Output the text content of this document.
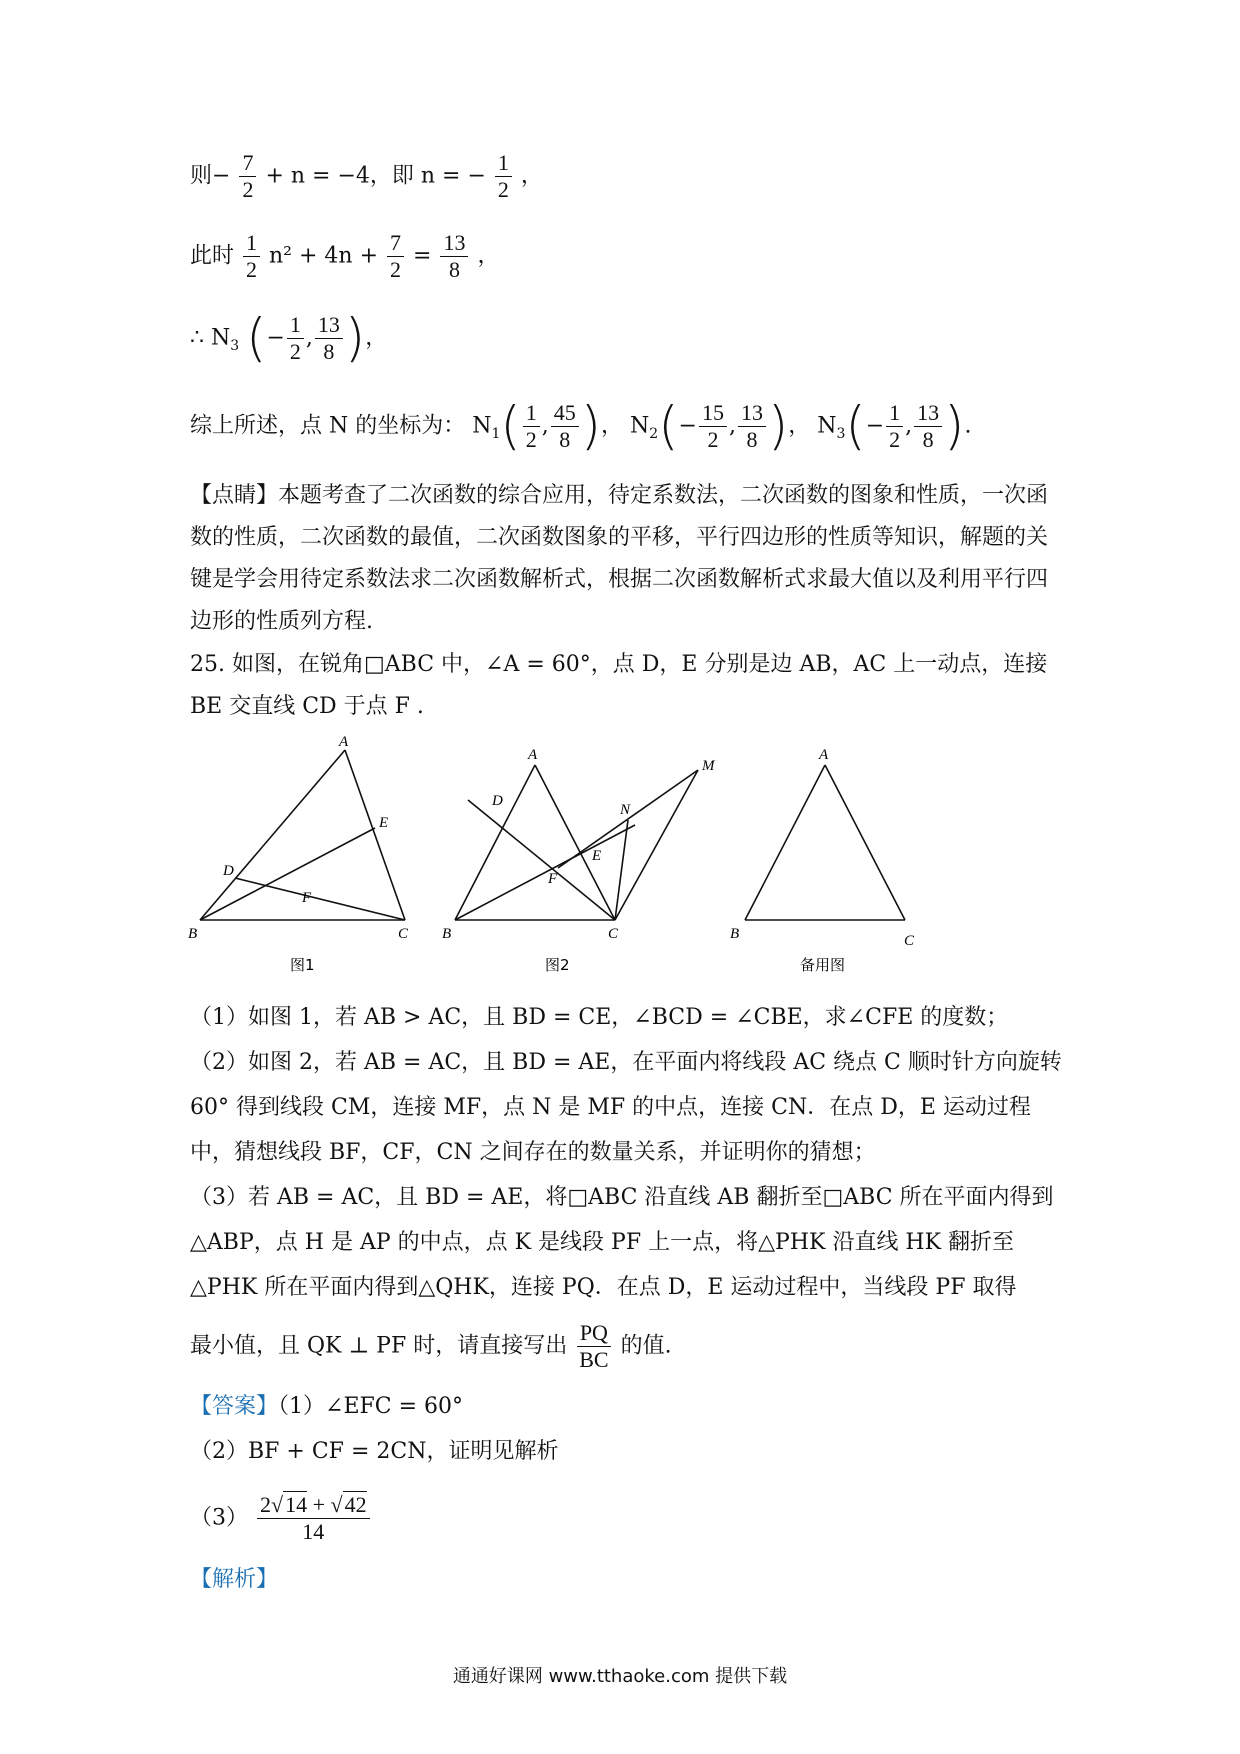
则− $\frac{7}{2} + n = -4$，即 n = − $\frac{1}{2}$ ，
此时 $\frac{1}{2} n^2 + 4n + \frac{7}{2} = \frac{13}{8}$ ，
∴ $N_3$ (− $\frac{1}{2}$ , $\frac{13}{8}$ )，
综上所述，点 N 的坐标为： $N_1( \frac{1}{2}$ , $\frac{45}{8}$ )， $N_2(- \frac{15}{2}$ , $\frac{13}{8}$ )， $N_3(- \frac{1}{2}$ , $\frac{13}{8}$ ).
【点睛】本题考查了二次函数的综合应用，待定系数法，二次函数的图象和性质，一次函数的性质，二次函数的最值，二次函数图象的平移，平行四边形的性质等知识，解题的关键是学会用待定系数法求二次函数解析式，根据二次函数解析式求最大值以及利用平行四边形的性质列方程.
25. 如图，在锐角□ABC 中，∠A = 60°，点 D，E 分别是边 AB，AC 上一动点，连接
BE 交直线 CD 于点 F .
A
B	C
D
E
F
图1
A
B	C
D
E
F
M
N
图2
A
B	C
备用图
（1）如图 1，若 AB > AC，且 BD = CE，∠BCD = ∠CBE，求∠CFE 的度数；
（2）如图 2，若 AB = AC，且 BD = AE，在平面内将线段 AC 绕点 C 顺时针方向旋转
60° 得到线段 CM，连接 MF，点 N 是 MF 的中点，连接 CN．在点 D，E 运动过程
中，猜想线段 BF，CF，CN 之间存在的数量关系，并证明你的猜想；
（3）若 AB = AC，且 BD = AE，将□ABC 沿直线 AB 翻折至□ABC 所在平面内得到
△ABP，点 H 是 AP 的中点，点 K 是线段 PF 上一点，将△PHK 沿直线 HK 翻折至
△PHK 所在平面内得到△QHK，连接 PQ．在点 D，E 运动过程中，当线段 PF 取得
最小值，且 QK ⊥ PF 时，请直接写出 $\frac{PQ}{BC}$ 的值.
【答案】（1）∠EFC = 60°
（2）BF + CF = 2CN，证明见解析
$(3) \frac{2√14 + √42}{14}$
【解析】
通通好课网 www.tthaoke.com 提供下载
